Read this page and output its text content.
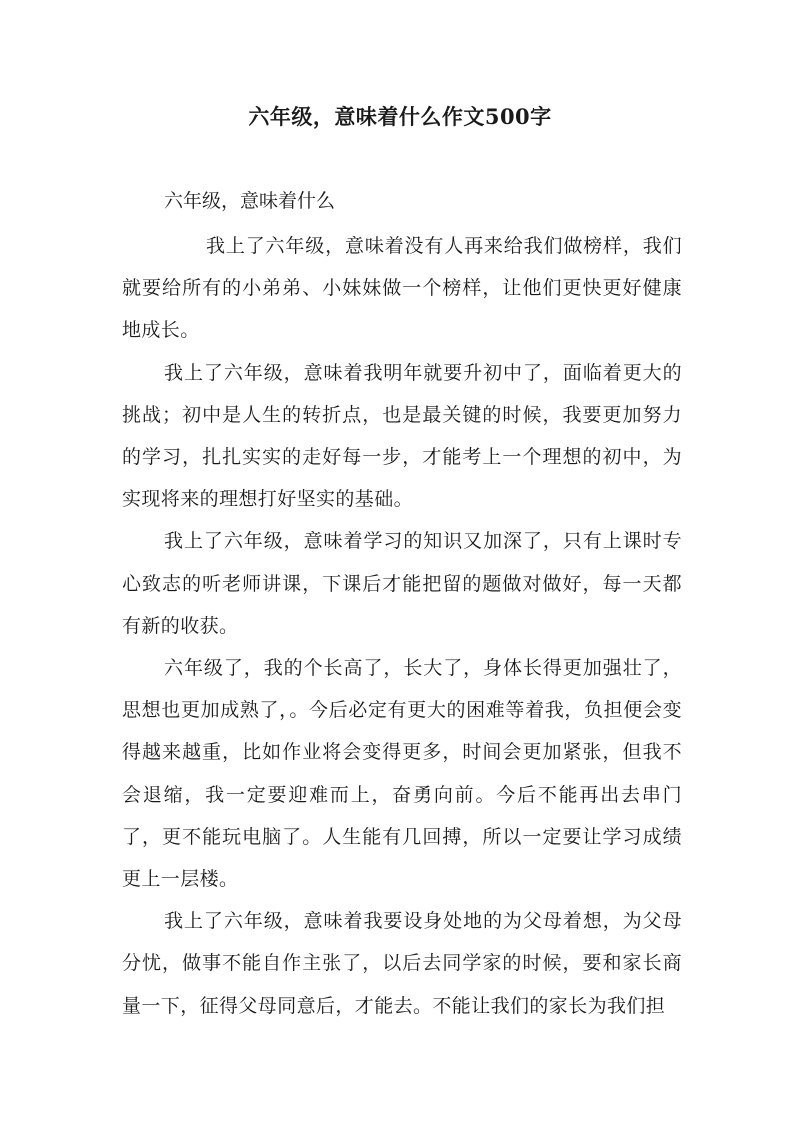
六年级，意味着什么作文500字
六年级，意味着什么

我上了六年级，意味着没有人再来给我们做榜样，我们就要给所有的小弟弟、小妹妹做一个榜样，让他们更快更好健康地成长。

我上了六年级，意味着我明年就要升初中了，面临着更大的挑战；初中是人生的转折点，也是最关键的时候，我要更加努力的学习，扎扎实实的走好每一步，才能考上一个理想的初中，为实现将来的理想打好坚实的基础。

我上了六年级，意味着学习的知识又加深了，只有上课时专心致志的听老师讲课，下课后才能把留的题做对做好，每一天都有新的收获。

六年级了，我的个长高了，长大了，身体长得更加强壮了，思想也更加成熟了，。今后必定有更大的困难等着我，负担便会变得越来越重，比如作业将会变得更多，时间会更加紧张，但我不会退缩，我一定要迎难而上，奋勇向前。今后不能再出去串门了，更不能玩电脑了。人生能有几回搏，所以一定要让学习成绩更上一层楼。

我上了六年级，意味着我要设身处地的为父母着想，为父母分忧，做事不能自作主张了，以后去同学家的时候，要和家长商量一下，征得父母同意后，才能去。不能让我们的家长为我们担
